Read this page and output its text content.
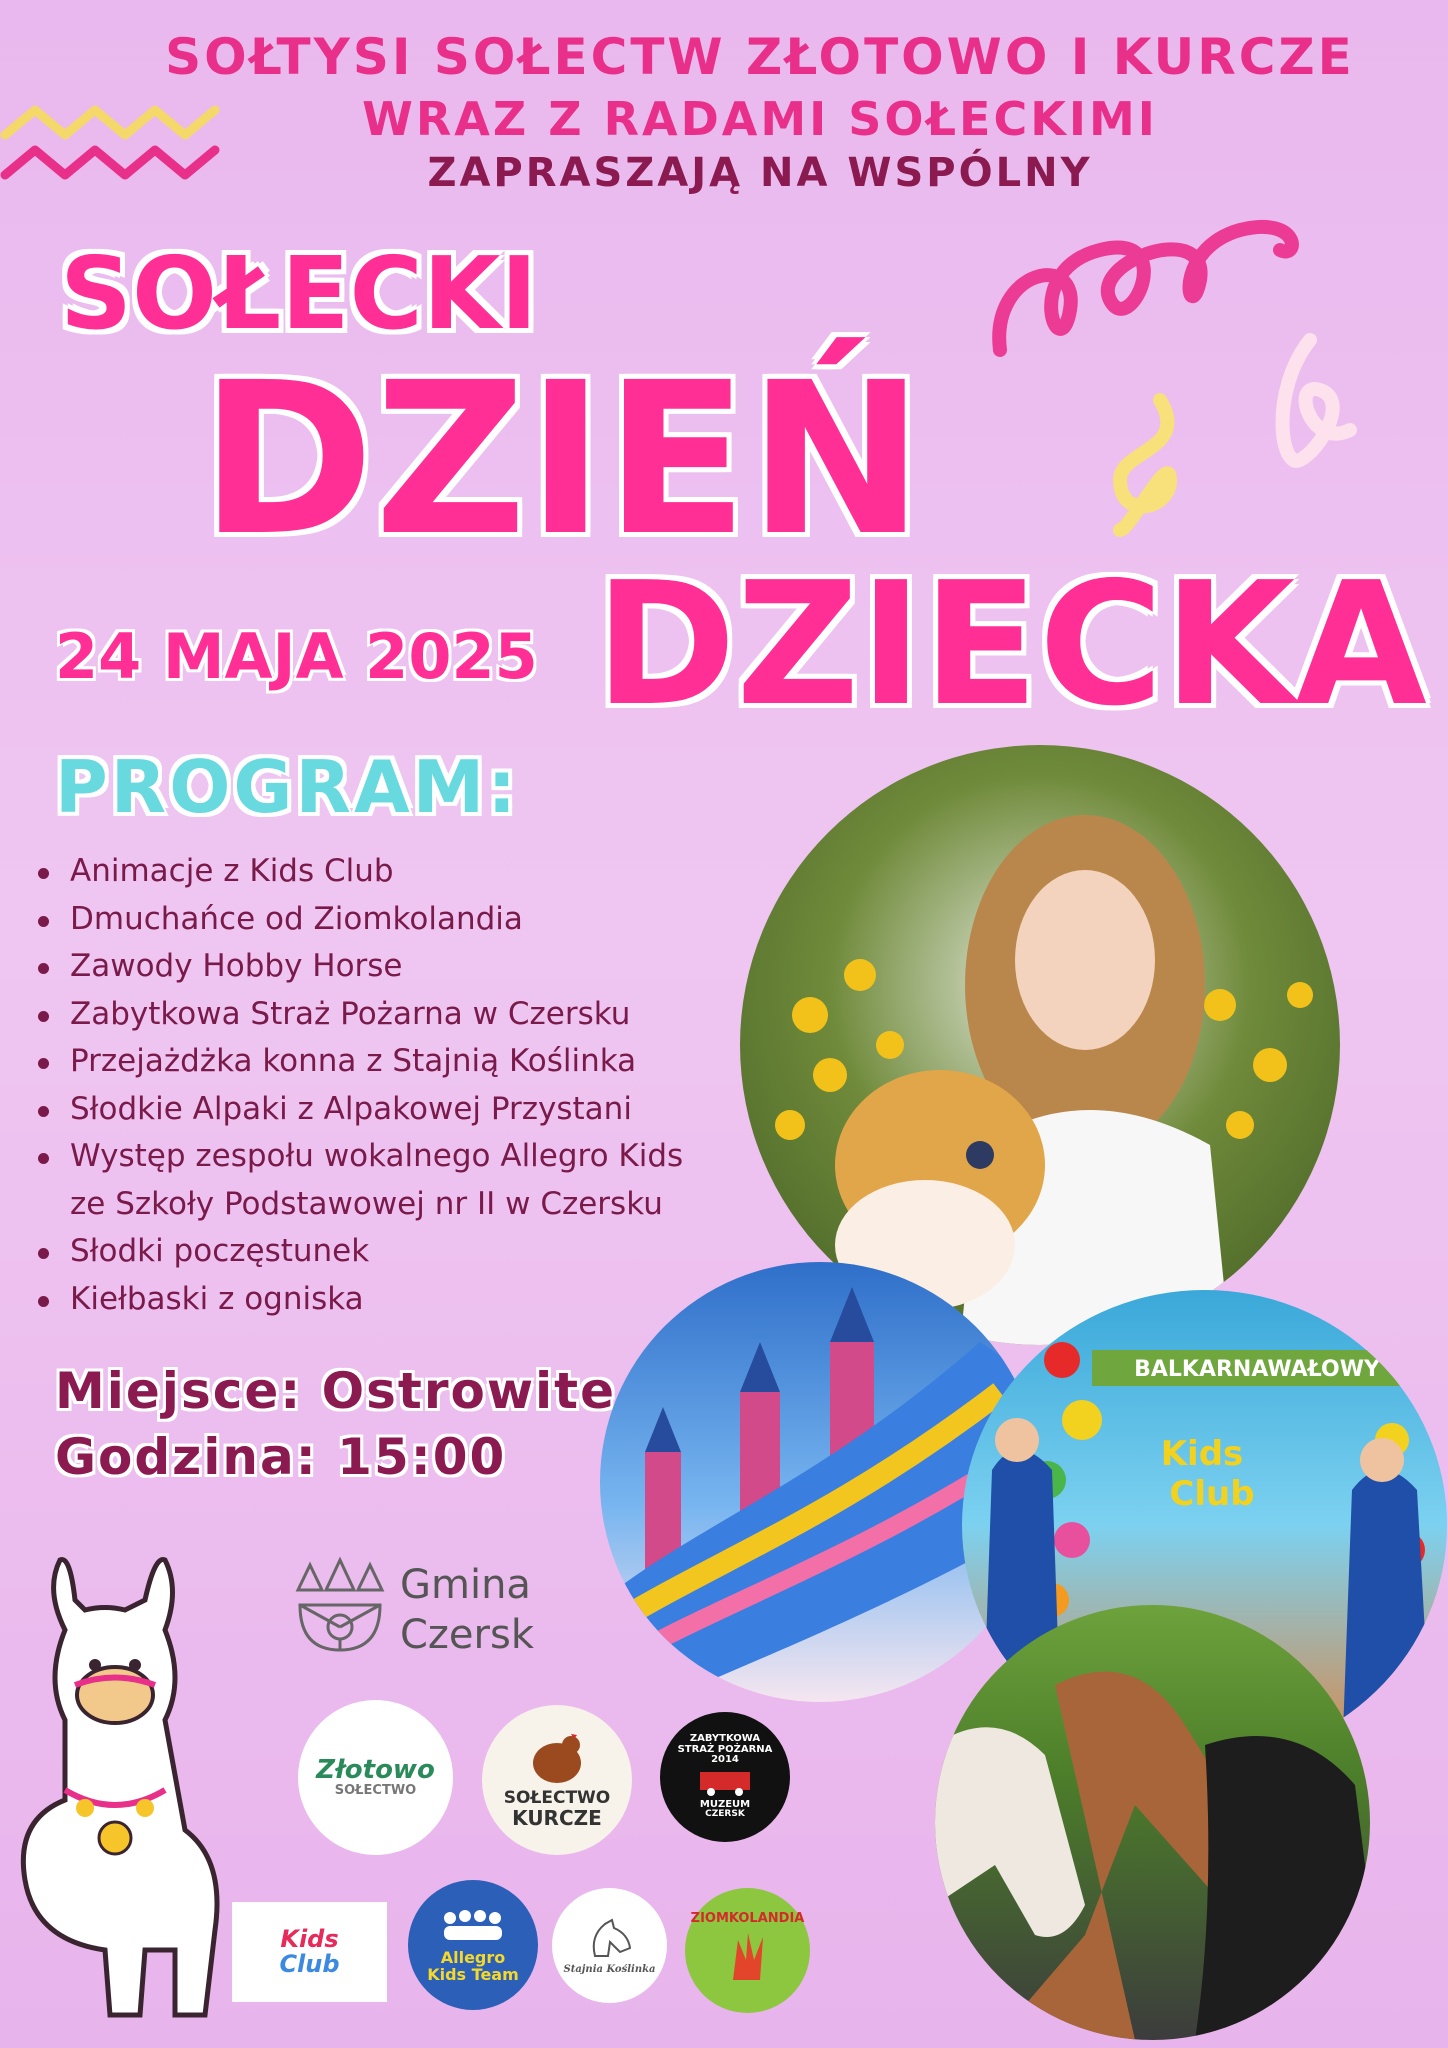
SOŁTYSI SOŁECTW ZŁOTOWO I KURCZE
WRAZ Z RADAMI SOŁECKIMI
ZAPRASZAJĄ NA WSPÓLNY
SOŁECKI
DZIEŃ
DZIECKA
24 MAJA 2025
PROGRAM:
Animacje z Kids Club
Dmuchańce od Ziomkolandia
Zawody Hobby Horse
Zabytkowa Straż Pożarna w Czersku
Przejażdżka konna z Stajnią Koślinka
Słodkie Alpaki z Alpakowej Przystani
Występ zespołu wokalnego Allegro Kids
ze Szkoły Podstawowej nr II w Czersku
Słodki poczęstunek
Kiełbaski z ogniska
Miejsce: Ostrowite
Godzina: 15:00
BALKARNAWAŁOWY
Kids
Club
Gmina
Czersk
Złotowo
SOŁECTWO	SOŁECTWO
KURCZE
ZABYTKOWA
STRAŻ POŻARNA
2014
MUZEUM
CZERSK
Kids
Club	Allegro
Kids Team	Stajnia Koślinka
ZIOMKOLANDIA
